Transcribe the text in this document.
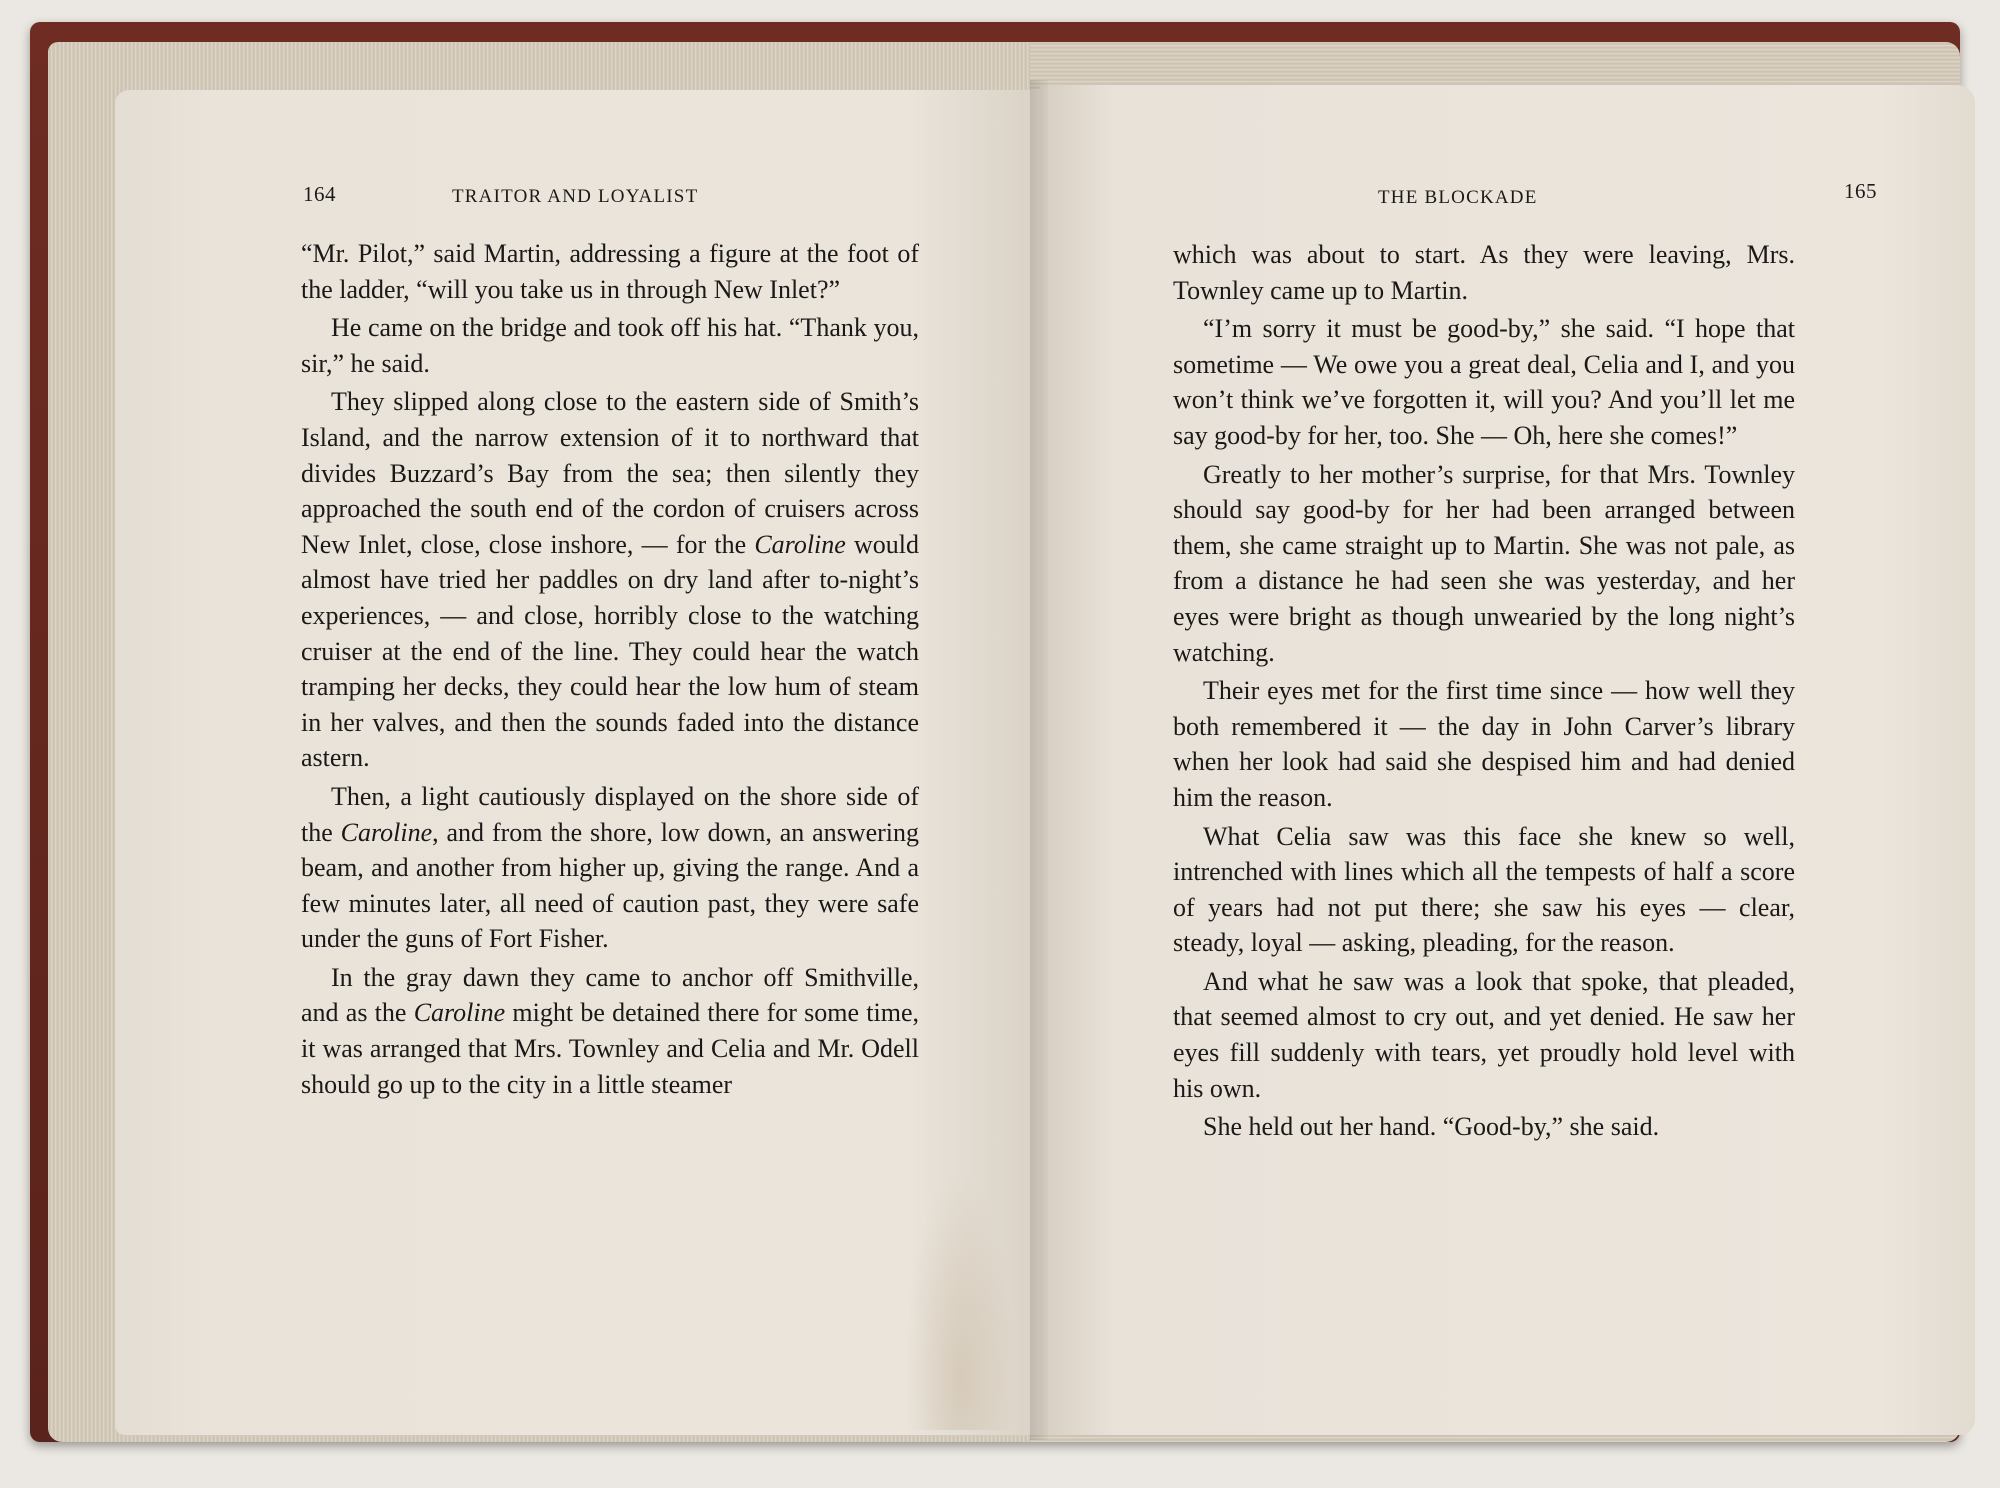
164	TRAITOR AND LOYALIST

“Mr. Pilot,” said Martin, addressing a figure at the foot of the ladder, “will you take us in through New Inlet?”

He came on the bridge and took off his hat. “Thank you, sir,” he said.

They slipped along close to the eastern side of Smith’s Island, and the narrow extension of it to northward that divides Buzzard’s Bay from the sea; then silently they approached the south end of the cordon of cruisers across New Inlet, close, close inshore, — for the Caroline would almost have tried her paddles on dry land after to-night’s experiences, — and close, horribly close to the watching cruiser at the end of the line. They could hear the watch tramping her decks, they could hear the low hum of steam in her valves, and then the sounds faded into the distance astern.

Then, a light cautiously displayed on the shore side of the Caroline, and from the shore, low down, an answering beam, and another from higher up, giving the range. And a few minutes later, all need of caution past, they were safe under the guns of Fort Fisher.

In the gray dawn they came to anchor off Smithville, and as the Caroline might be detained there for some time, it was arranged that Mrs. Townley and Celia and Mr. Odell should go up to the city in a little steamer

THE BLOCKADE	165

which was about to start. As they were leaving, Mrs. Townley came up to Martin.

“I’m sorry it must be good-by,” she said. “I hope that sometime — We owe you a great deal, Celia and I, and you won’t think we’ve forgotten it, will you? And you’ll let me say good-by for her, too. She — Oh, here she comes!”

Greatly to her mother’s surprise, for that Mrs. Townley should say good-by for her had been arranged between them, she came straight up to Martin. She was not pale, as from a distance he had seen she was yesterday, and her eyes were bright as though unwearied by the long night’s watching.

Their eyes met for the first time since — how well they both remembered it — the day in John Carver’s library when her look had said she despised him and had denied him the reason.

What Celia saw was this face she knew so well, intrenched with lines which all the tempests of half a score of years had not put there; she saw his eyes — clear, steady, loyal — asking, pleading, for the reason.

And what he saw was a look that spoke, that pleaded, that seemed almost to cry out, and yet denied. He saw her eyes fill suddenly with tears, yet proudly hold level with his own.

She held out her hand. “Good-by,” she said.
